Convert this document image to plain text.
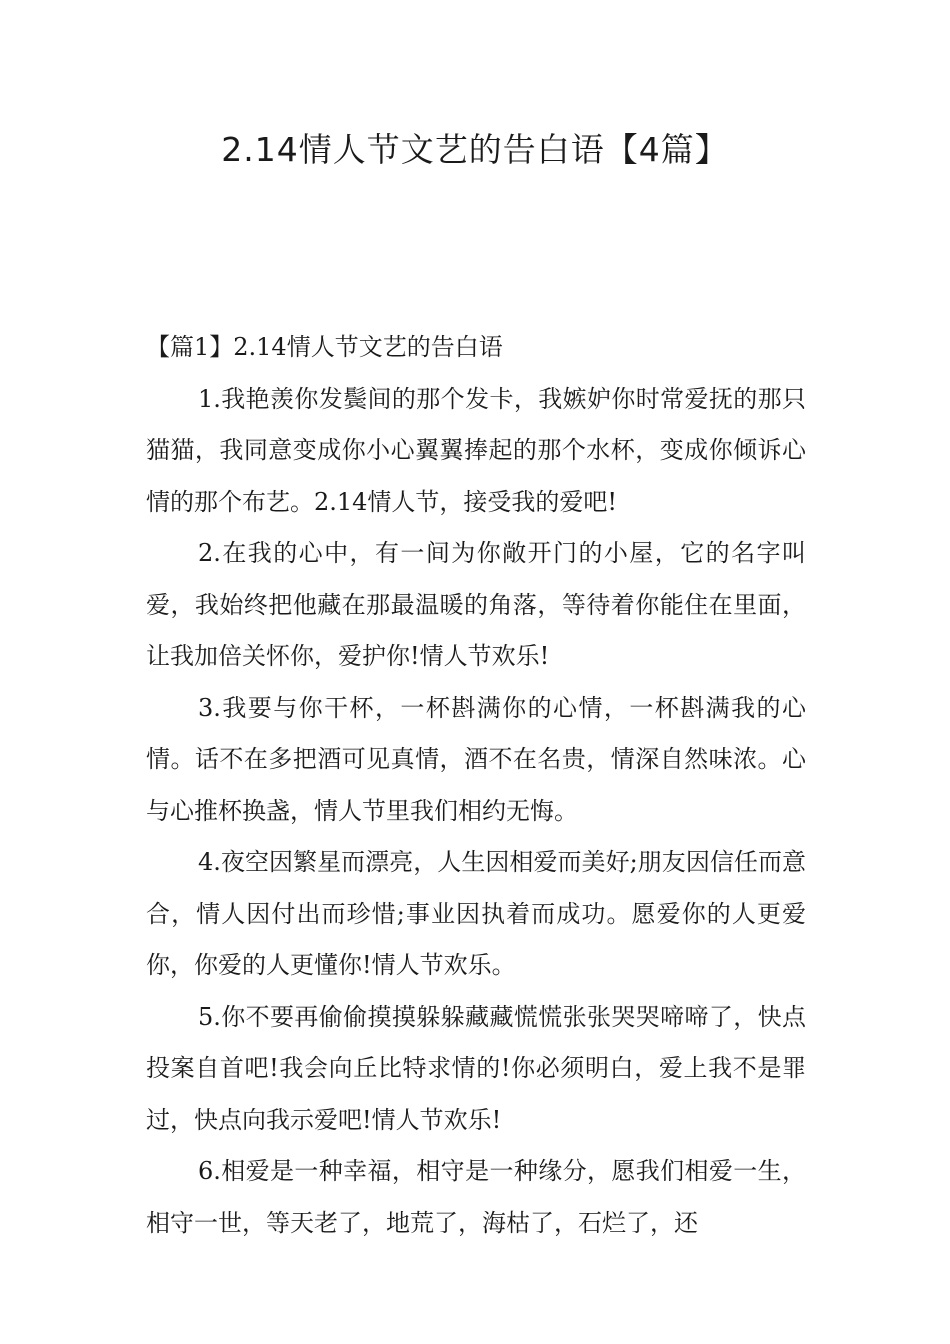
2.14情人节文艺的告白语【4篇】

【篇1】2.14情人节文艺的告白语

1.我艳羡你发鬓间的那个发卡，我嫉妒你时常爱抚的那只猫猫，我同意变成你小心翼翼捧起的那个水杯，变成你倾诉心情的那个布艺。2.14情人节，接受我的爱吧!

2.在我的心中，有一间为你敞开门的小屋，它的名字叫爱，我始终把他藏在那最温暖的角落，等待着你能住在里面，让我加倍关怀你，爱护你!情人节欢乐!

3.我要与你干杯，一杯斟满你的心情，一杯斟满我的心情。话不在多把酒可见真情，酒不在名贵，情深自然味浓。心与心推杯换盏，情人节里我们相约无悔。

4.夜空因繁星而漂亮，人生因相爱而美好;朋友因信任而意合，情人因付出而珍惜;事业因执着而成功。愿爱你的人更爱你，你爱的人更懂你!情人节欢乐。

5.你不要再偷偷摸摸躲躲藏藏慌慌张张哭哭啼啼了，快点投案自首吧!我会向丘比特求情的!你必须明白，爱上我不是罪过，快点向我示爱吧!情人节欢乐!

6.相爱是一种幸福，相守是一种缘分，愿我们相爱一生，相守一世，等天老了，地荒了，海枯了，石烂了，还
